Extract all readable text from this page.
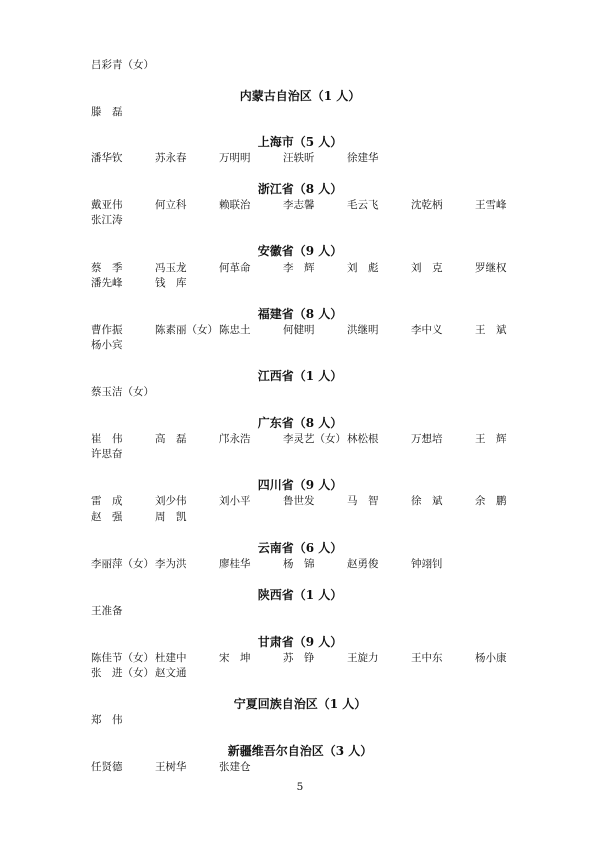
吕彩青（女）
内蒙古自治区（1 人）
滕　磊
上海市（5 人）
潘华钦	苏永春	万明明	汪轶昕	徐建华
浙江省（8 人）
戴亚伟	何立科	赖联治	李志馨	毛云飞	沈乾柄	王雪峰
张江涛
安徽省（9 人）
蔡　季	冯玉龙	何革命	李　辉	刘　彪	刘　克	罗继权
潘先峰	钱　库
福建省（8 人）
曹作振	陈素丽（女） 陈忠土	何健明	洪继明	李中义	王　斌
杨小宾
江西省（1 人）
蔡玉洁（女）
广东省（8 人）
崔　伟	高　磊	邝永浩	李灵艺（女） 林松根	万想培	王　辉
许思奋
四川省（9 人）
雷　成	刘少伟	刘小平	鲁世发	马　智	徐　斌	余　鹏
赵　强	周　凯
云南省（6 人）
李丽萍（女） 李为洪	廖桂华	杨　锦	赵勇俊	钟翊钊
陕西省（1 人）
王准备
甘肃省（9 人）
陈佳节（女） 杜建中	宋　坤	苏　铮	王旋力	王中东	杨小康
张　进（女） 赵文通
宁夏回族自治区（1 人）
郑　伟
新疆维吾尔自治区（3 人）
任贤德	王树华	张建仓
5
